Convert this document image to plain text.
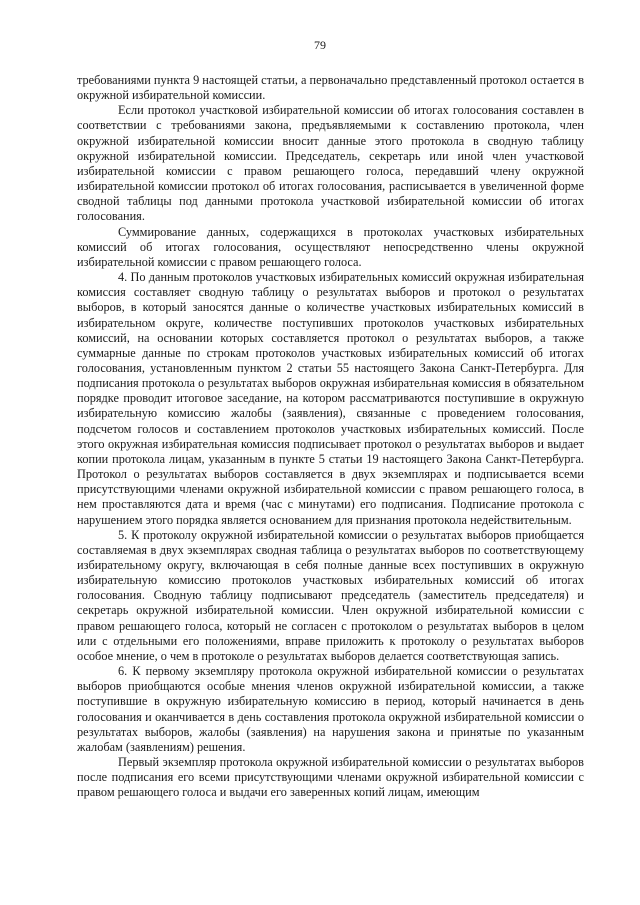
79

требованиями пункта 9 настоящей статьи, а первоначально представленный протокол остается в окружной избирательной комиссии.

Если протокол участковой избирательной комиссии об итогах голосования составлен в соответствии с требованиями закона, предъявляемыми к составлению протокола, член окружной избирательной комиссии вносит данные этого протокола в сводную таблицу окружной избирательной комиссии. Председатель, секретарь или иной член участковой избирательной комиссии с правом решающего голоса, передавший члену окружной избирательной комиссии протокол об итогах голосования, расписывается в увеличенной форме сводной таблицы под данными протокола участковой избирательной комиссии об итогах голосования.

Суммирование данных, содержащихся в протоколах участковых избирательных комиссий об итогах голосования, осуществляют непосредственно члены окружной избирательной комиссии с правом решающего голоса.

4. По данным протоколов участковых избирательных комиссий окружная избирательная комиссия составляет сводную таблицу о результатах выборов и протокол о результатах выборов, в который заносятся данные о количестве участковых избирательных комиссий в избирательном округе, количестве поступивших протоколов участковых избирательных комиссий, на основании которых составляется протокол о результатах выборов, а также суммарные данные по строкам протоколов участковых избирательных комиссий об итогах голосования, установленным пунктом 2 статьи 55 настоящего Закона Санкт-Петербурга. Для подписания протокола о результатах выборов окружная избирательная комиссия в обязательном порядке проводит итоговое заседание, на котором рассматриваются поступившие в окружную избирательную комиссию жалобы (заявления), связанные с проведением голосования, подсчетом голосов и составлением протоколов участковых избирательных комиссий. После этого окружная избирательная комиссия подписывает протокол о результатах выборов и выдает копии протокола лицам, указанным в пункте 5 статьи 19 настоящего Закона Санкт-Петербурга. Протокол о результатах выборов составляется в двух экземплярах и подписывается всеми присутствующими членами окружной избирательной комиссии с правом решающего голоса, в нем проставляются дата и время (час с минутами) его подписания. Подписание протокола с нарушением этого порядка является основанием для признания протокола недействительным.

5. К протоколу окружной избирательной комиссии о результатах выборов приобщается составляемая в двух экземплярах сводная таблица о результатах выборов по соответствующему избирательному округу, включающая в себя полные данные всех поступивших в окружную избирательную комиссию протоколов участковых избирательных комиссий об итогах голосования. Сводную таблицу подписывают председатель (заместитель председателя) и секретарь окружной избирательной комиссии. Член окружной избирательной комиссии с правом решающего голоса, который не согласен с протоколом о результатах выборов в целом или с отдельными его положениями, вправе приложить к протоколу о результатах выборов особое мнение, о чем в протоколе о результатах выборов делается соответствующая запись.

6. К первому экземпляру протокола окружной избирательной комиссии о результатах выборов приобщаются особые мнения членов окружной избирательной комиссии, а также поступившие в окружную избирательную комиссию в период, который начинается в день голосования и оканчивается в день составления протокола окружной избирательной комиссии о результатах выборов, жалобы (заявления) на нарушения закона и принятые по указанным жалобам (заявлениям) решения.

Первый экземпляр протокола окружной избирательной комиссии о результатах выборов после подписания его всеми присутствующими членами окружной избирательной комиссии с правом решающего голоса и выдачи его заверенных копий лицам, имеющим
